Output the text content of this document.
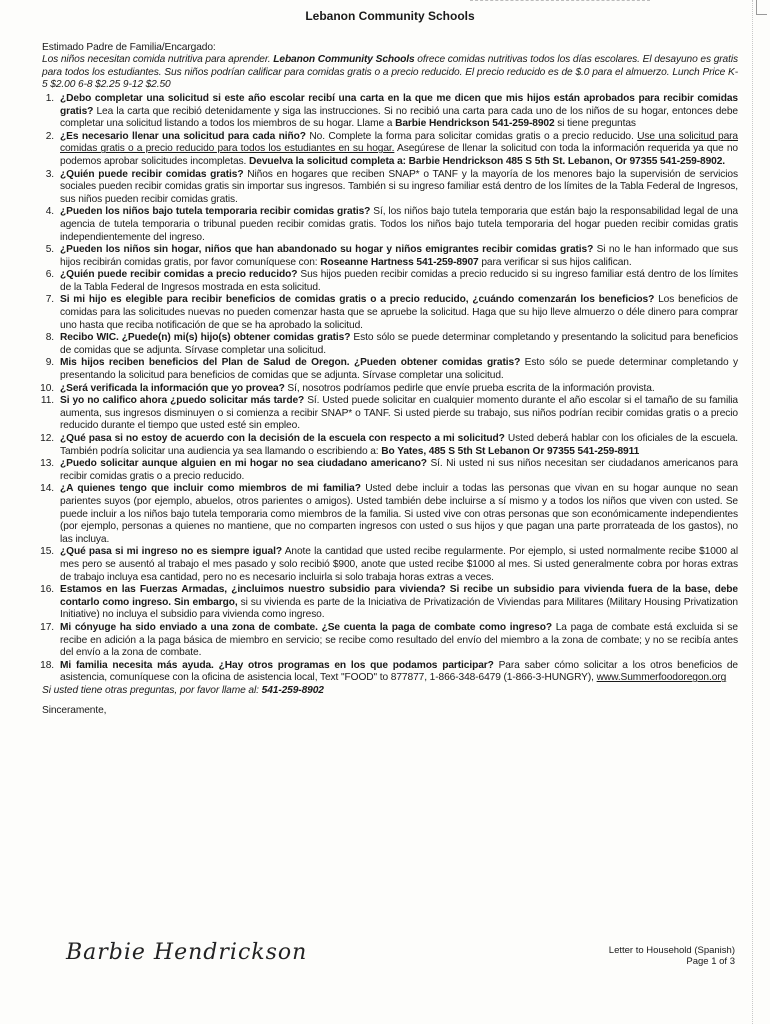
Lebanon Community Schools

Estimado Padre de Familia/Encargado:

Los niños necesitan comida nutritiva para aprender. Lebanon Community Schools ofrece comidas nutritivas todos los días escolares. El desayuno es gratis para todos los estudiantes. Sus niños podrían calificar para comidas gratis o a precio reducido. El precio reducido es de $.0 para el almuerzo. Lunch Price K-5 $2.00 6-8 $2.25 9-12 $2.50

1. ¿Debo completar una solicitud si este año escolar recibí una carta en la que me dicen que mis hijos están aprobados para recibir comidas gratis? Lea la carta que recibió detenidamente y siga las instrucciones. Si no recibió una carta para cada uno de los niños de su hogar, entonces debe completar una solicitud listando a todos los miembros de su hogar. Llame a Barbie Hendrickson 541-259-8902 si tiene preguntas
2. ¿Es necesario llenar una solicitud para cada niño? No. Complete la forma para solicitar comidas gratis o a precio reducido. Use una solicitud para comidas gratis o a precio reducido para todos los estudiantes en su hogar. Asegúrese de llenar la solicitud con toda la información requerida ya que no podemos aprobar solicitudes incompletas. Devuelva la solicitud completa a: Barbie Hendrickson 485 S 5th St. Lebanon, Or 97355 541-259-8902.
3. ¿Quién puede recibir comidas gratis? Niños en hogares que reciben SNAP* o TANF y la mayoría de los menores bajo la supervisión de servicios sociales pueden recibir comidas gratis sin importar sus ingresos. También si su ingreso familiar está dentro de los límites de la Tabla Federal de Ingresos, sus niños pueden recibir comidas gratis.
4. ¿Pueden los niños bajo tutela temporaria recibir comidas gratis? Sí, los niños bajo tutela temporaria que están bajo la responsabilidad legal de una agencia de tutela temporaria o tribunal pueden recibir comidas gratis. Todos los niños bajo tutela temporaria del hogar pueden recibir comidas gratis independientemente del ingreso.
5. ¿Pueden los niños sin hogar, niños que han abandonado su hogar y niños emigrantes recibir comidas gratis? Si no le han informado que sus hijos recibirán comidas gratis, por favor comuníquese con: Roseanne Hartness 541-259-8907 para verificar si sus hijos califican.
6. ¿Quién puede recibir comidas a precio reducido? Sus hijos pueden recibir comidas a precio reducido si su ingreso familiar está dentro de los límites de la Tabla Federal de Ingresos mostrada en esta solicitud.
7. Si mi hijo es elegible para recibir beneficios de comidas gratis o a precio reducido, ¿cuándo comenzarán los beneficios? Los beneficios de comidas para las solicitudes nuevas no pueden comenzar hasta que se apruebe la solicitud. Haga que su hijo lleve almuerzo o déle dinero para comprar uno hasta que reciba notificación de que se ha aprobado la solicitud.
8. Recibo WIC. ¿Puede(n) mi(s) hijo(s) obtener comidas gratis? Esto sólo se puede determinar completando y presentando la solicitud para beneficios de comidas que se adjunta. Sírvase completar una solicitud.
9. Mis hijos reciben beneficios del Plan de Salud de Oregon. ¿Pueden obtener comidas gratis? Esto sólo se puede determinar completando y presentando la solicitud para beneficios de comidas que se adjunta. Sírvase completar una solicitud.
10. ¿Será verificada la información que yo provea? Sí, nosotros podríamos pedirle que envíe prueba escrita de la información provista.
11. Si yo no califico ahora ¿puedo solicitar más tarde? Sí. Usted puede solicitar en cualquier momento durante el año escolar si el tamaño de su familia aumenta, sus ingresos disminuyen o si comienza a recibir SNAP* o TANF. Si usted pierde su trabajo, sus niños podrían recibir comidas gratis o a precio reducido durante el tiempo que usted esté sin empleo.
12. ¿Qué pasa si no estoy de acuerdo con la decisión de la escuela con respecto a mi solicitud? Usted deberá hablar con los oficiales de la escuela. También podría solicitar una audiencia ya sea llamando o escribiendo a: Bo Yates, 485 S 5th St Lebanon Or 97355 541-259-8911
13. ¿Puedo solicitar aunque alguien en mi hogar no sea ciudadano americano? Sí. Ni usted ni sus niños necesitan ser ciudadanos americanos para recibir comidas gratis o a precio reducido.
14. ¿A quienes tengo que incluir como miembros de mi familia? Usted debe incluir a todas las personas que vivan en su hogar aunque no sean parientes suyos (por ejemplo, abuelos, otros parientes o amigos). Usted también debe incluirse a sí mismo y a todos los niños que viven con usted. Se puede incluir a los niños bajo tutela temporaria como miembros de la familia. Si usted vive con otras personas que son económicamente independientes (por ejemplo, personas a quienes no mantiene, que no comparten ingresos con usted o sus hijos y que pagan una parte prorrateada de los gastos), no las incluya.
15. ¿Qué pasa si mi ingreso no es siempre igual? Anote la cantidad que usted recibe regularmente. Por ejemplo, si usted normalmente recibe $1000 al mes pero se ausentó al trabajo el mes pasado y solo recibió $900, anote que usted recibe $1000 al mes. Si usted generalmente cobra por horas extras de trabajo incluya esa cantidad, pero no es necesario incluirla si solo trabaja horas extras a veces.
16. Estamos en las Fuerzas Armadas, ¿incluimos nuestro subsidio para vivienda? Si recibe un subsidio para vivienda fuera de la base, debe contarlo como ingreso. Sin embargo, si su vivienda es parte de la Iniciativa de Privatización de Viviendas para Militares (Military Housing Privatization Initiative) no incluya el subsidio para vivienda como ingreso.
17. Mi cónyuge ha sido enviado a una zona de combate. ¿Se cuenta la paga de combate como ingreso? La paga de combate está excluida si se recibe en adición a la paga básica de miembro en servicio; se recibe como resultado del envío del miembro a la zona de combate; y no se recibía antes del envío a la zona de combate.
18. Mi familia necesita más ayuda. ¿Hay otros programas en los que podamos participar? Para saber cómo solicitar a los otros beneficios de asistencia, comuníquese con la oficina de asistencia local, Text "FOOD" to 877877, 1-866-348-6479 (1-866-3-HUNGRY), www.Summerfoodoregon.org

Si usted tiene otras preguntas, por favor llame al: 541-259-8902

Sinceramente,

Barbie Hendrickson	Letter to Household (Spanish)
Page 1 of 3
